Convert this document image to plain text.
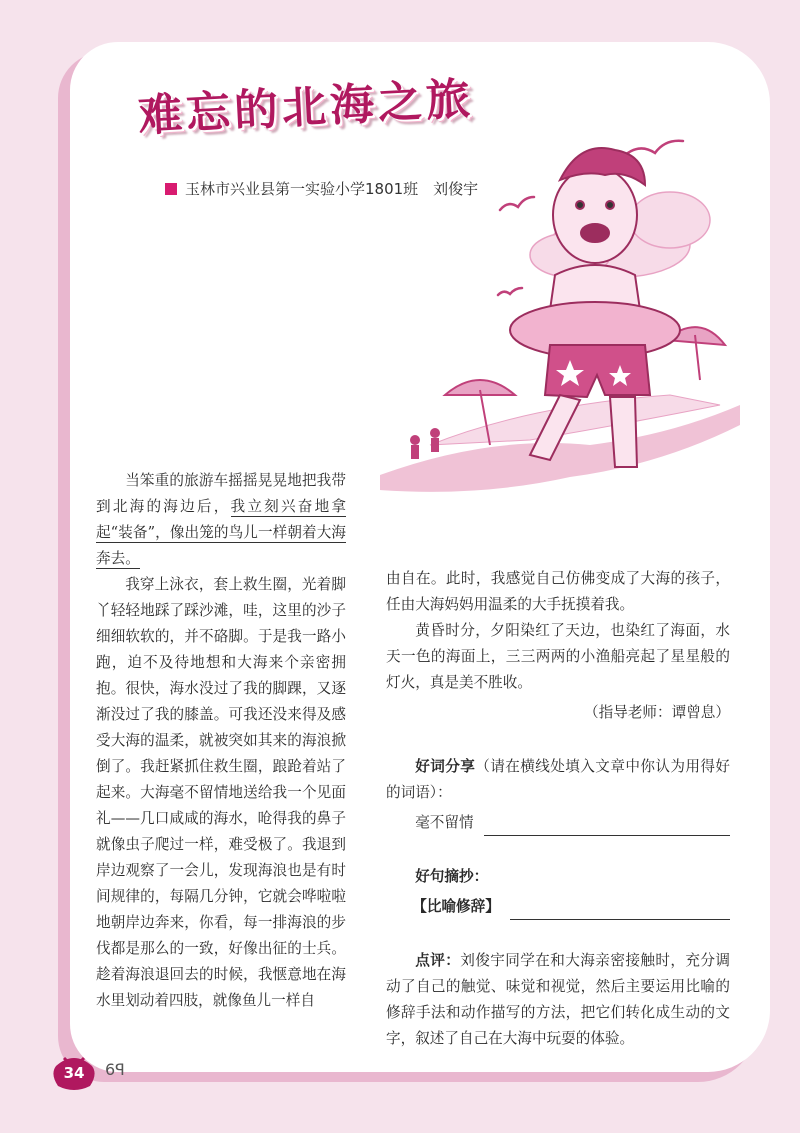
难忘的北海之旅
玉林市兴业县第一实验小学1801班　刘俊宇

当笨重的旅游车摇摇晃晃地把我带到北海的海边后，我立刻兴奋地拿起“装备”，像出笼的鸟儿一样朝着大海奔去。

我穿上泳衣，套上救生圈，光着脚丫轻轻地踩了踩沙滩，哇，这里的沙子细细软软的，并不硌脚。于是我一路小跑，迫不及待地想和大海来个亲密拥抱。很快，海水没过了我的脚踝，又逐渐没过了我的膝盖。可我还没来得及感受大海的温柔，就被突如其来的海浪掀倒了。我赶紧抓住救生圈，踉跄着站了起来。大海毫不留情地送给我一个见面礼——几口咸咸的海水，呛得我的鼻子就像虫子爬过一样，难受极了。我退到岸边观察了一会儿，发现海浪也是有时间规律的，每隔几分钟，它就会哗啦啦地朝岸边奔来，你看，每一排海浪的步伐都是那么的一致，好像出征的士兵。趁着海浪退回去的时候，我惬意地在海水里划动着四肢，就像鱼儿一样自

由自在。此时，我感觉自己仿佛变成了大海的孩子，任由大海妈妈用温柔的大手抚摸着我。

黄昏时分，夕阳染红了天边，也染红了海面，水天一色的海面上，三三两两的小渔船亮起了星星般的灯火，真是美不胜收。

（指导老师：谭曾息）

好词分享（请在横线处填入文章中你认为用得好的词语）：

毫不留情

好句摘抄：

【比喻修辞】

点评：刘俊宇同学在和大海亲密接触时，充分调动了自己的触觉、味觉和视觉，然后主要运用比喻的修辞手法和动作描写的方法，把它们转化成生动的文字，叙述了自己在大海中玩耍的体验。

34	6ꟼ
